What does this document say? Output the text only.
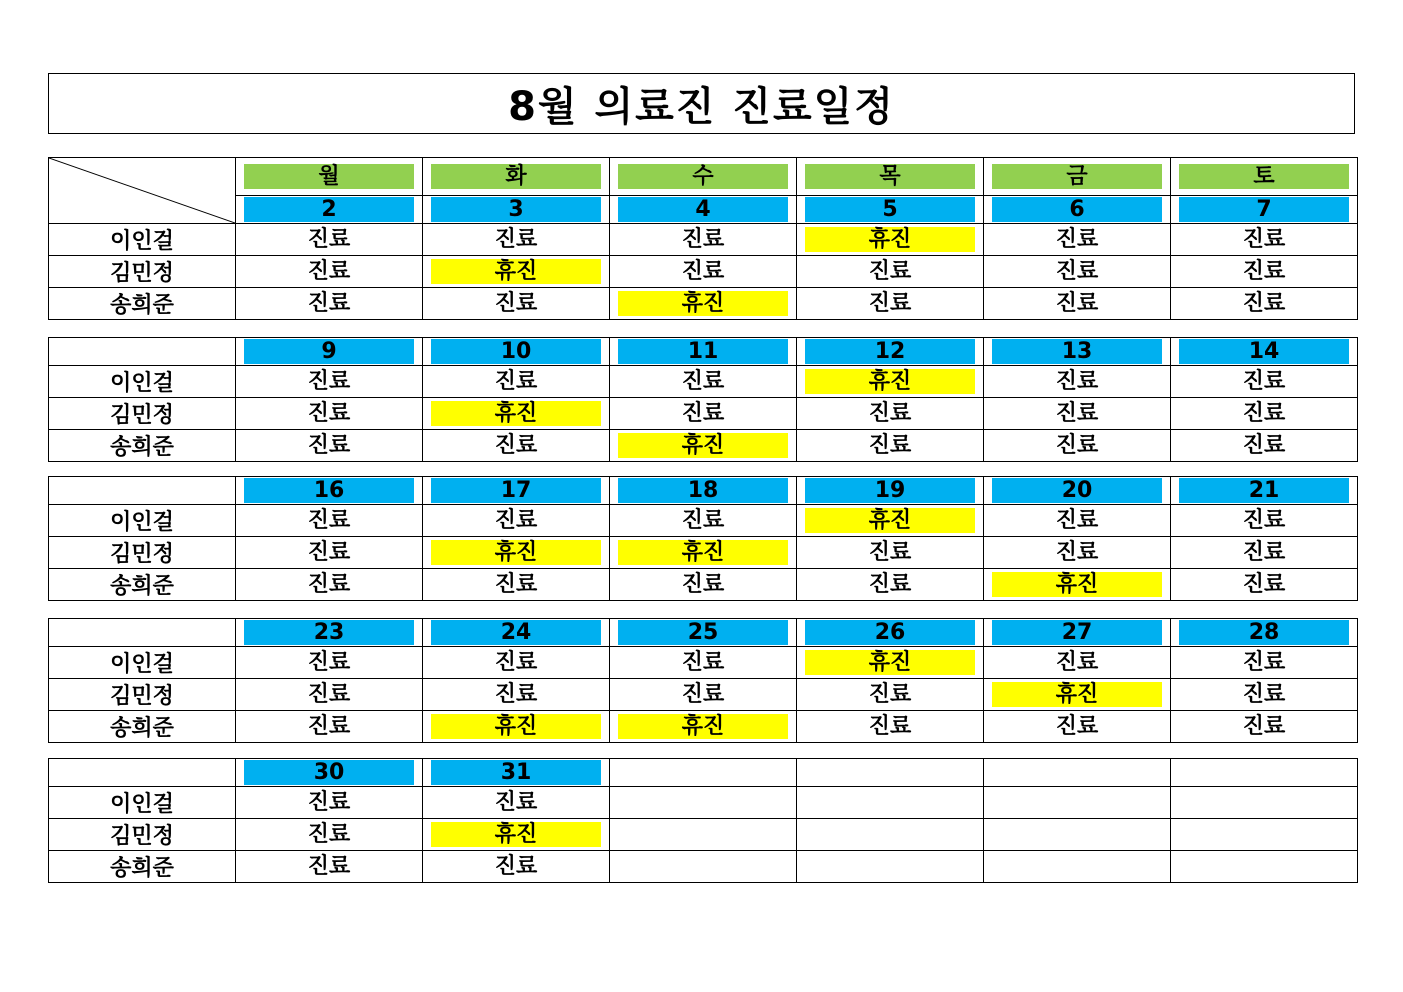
8월 의료진 진료일정

월	화	수	목	금	토

	2	3	4	5	6	7

이인걸	진료	진료	진료	휴진	진료	진료

김민정	진료	휴진	진료	진료	진료	진료

송희준	진료	진료	휴진	진료	진료	진료

	9	10	11	12	13	14

이인걸	진료	진료	진료	휴진	진료	진료

김민정	진료	휴진	진료	진료	진료	진료

송희준	진료	진료	휴진	진료	진료	진료

	16	17	18	19	20	21

이인걸	진료	진료	진료	휴진	진료	진료

김민정	진료	휴진	휴진	진료	진료	진료

송희준	진료	진료	진료	진료	휴진	진료

	23	24	25	26	27	28

이인걸	진료	진료	진료	휴진	진료	진료

김민정	진료	진료	진료	진료	휴진	진료

송희준	진료	휴진	휴진	진료	진료	진료

	30	31				

이인걸	진료	진료				

김민정	진료	휴진				

송희준	진료	진료				
